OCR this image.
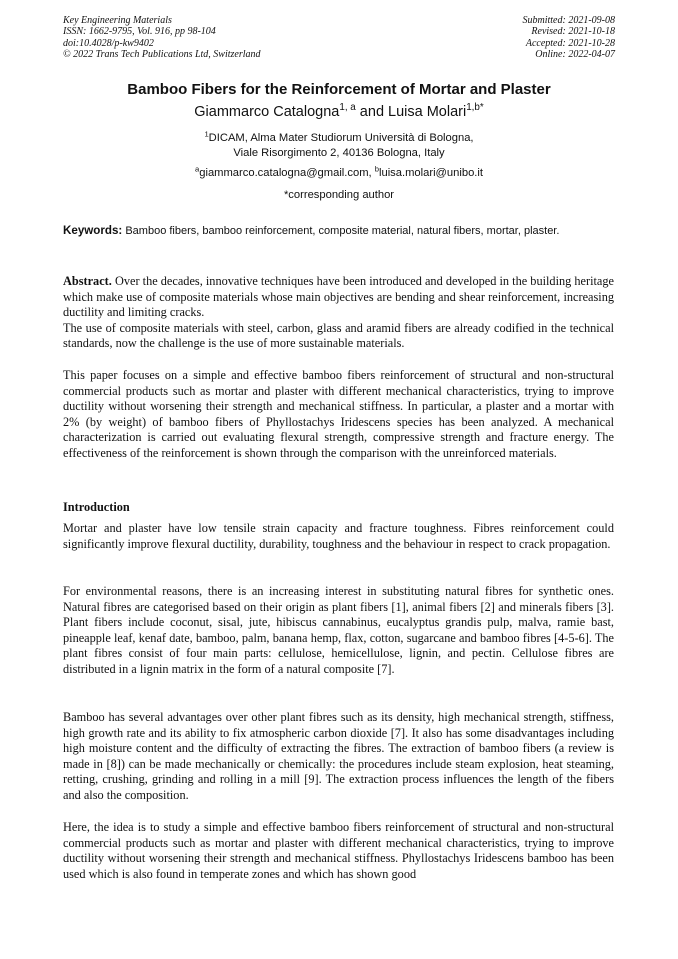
Key Engineering Materials
ISSN: 1662-9795, Vol. 916, pp 98-104
doi:10.4028/p-kw9402
© 2022 Trans Tech Publications Ltd, Switzerland
Submitted: 2021-09-08
Revised: 2021-10-18
Accepted: 2021-10-28
Online: 2022-04-07
Bamboo Fibers for the Reinforcement of Mortar and Plaster
Giammarco Catalogna$^{1, a}$ and Luisa Molari$^{1,b*}$
$^1$DICAM, Alma Mater Studiorum Università di Bologna,
Viale Risorgimento 2, 40136 Bologna, Italy
$^a$giammarco.catalogna@gmail.com, $^b$luisa.molari@unibo.it
*corresponding author
Keywords: Bamboo fibers, bamboo reinforcement, composite material, natural fibers, mortar, plaster.
Abstract. Over the decades, innovative techniques have been introduced and developed in the building heritage which make use of composite materials whose main objectives are bending and shear reinforcement, increasing ductility and limiting cracks.
The use of composite materials with steel, carbon, glass and aramid fibers are already codified in the technical standards, now the challenge is the use of more sustainable materials.
This paper focuses on a simple and effective bamboo fibers reinforcement of structural and non-structural commercial products such as mortar and plaster with different mechanical characteristics, trying to improve ductility without worsening their strength and mechanical stiffness. In particular, a plaster and a mortar with 2% (by weight) of bamboo fibers of Phyllostachys Iridescens species has been analyzed. A mechanical characterization is carried out evaluating flexural strength, compressive strength and fracture energy. The effectiveness of the reinforcement is shown through the comparison with the unreinforced materials.
Introduction
Mortar and plaster have low tensile strain capacity and fracture toughness. Fibres reinforcement could significantly improve flexural ductility, durability, toughness and the behaviour in respect to crack propagation.
For environmental reasons, there is an increasing interest in substituting natural fibres for synthetic ones. Natural fibres are categorised based on their origin as plant fibers [1], animal fibers [2] and minerals fibers [3]. Plant fibers include coconut, sisal, jute, hibiscus cannabinus, eucalyptus grandis pulp, malva, ramie bast, pineapple leaf, kenaf date, bamboo, palm, banana hemp, flax, cotton, sugarcane and bamboo fibres [4-5-6]. The plant fibres consist of four main parts: cellulose, hemicellulose, lignin, and pectin. Cellulose fibres are distributed in a lignin matrix in the form of a natural composite [7].
Bamboo has several advantages over other plant fibres such as its density, high mechanical strength, stiffness, high growth rate and its ability to fix atmospheric carbon dioxide [7]. It also has some disadvantages including high moisture content and the difficulty of extracting the fibres. The extraction of bamboo fibers (a review is made in [8]) can be made mechanically or chemically: the procedures include steam explosion, heat steaming, retting, crushing, grinding and rolling in a mill [9]. The extraction process influences the length of the fibers and also the composition.
Here, the idea is to study a simple and effective bamboo fibers reinforcement of structural and non-structural commercial products such as mortar and plaster with different mechanical characteristics, trying to improve ductility without worsening their strength and mechanical stiffness. Phyllostachys Iridescens bamboo has been used which is also found in temperate zones and which has shown good
